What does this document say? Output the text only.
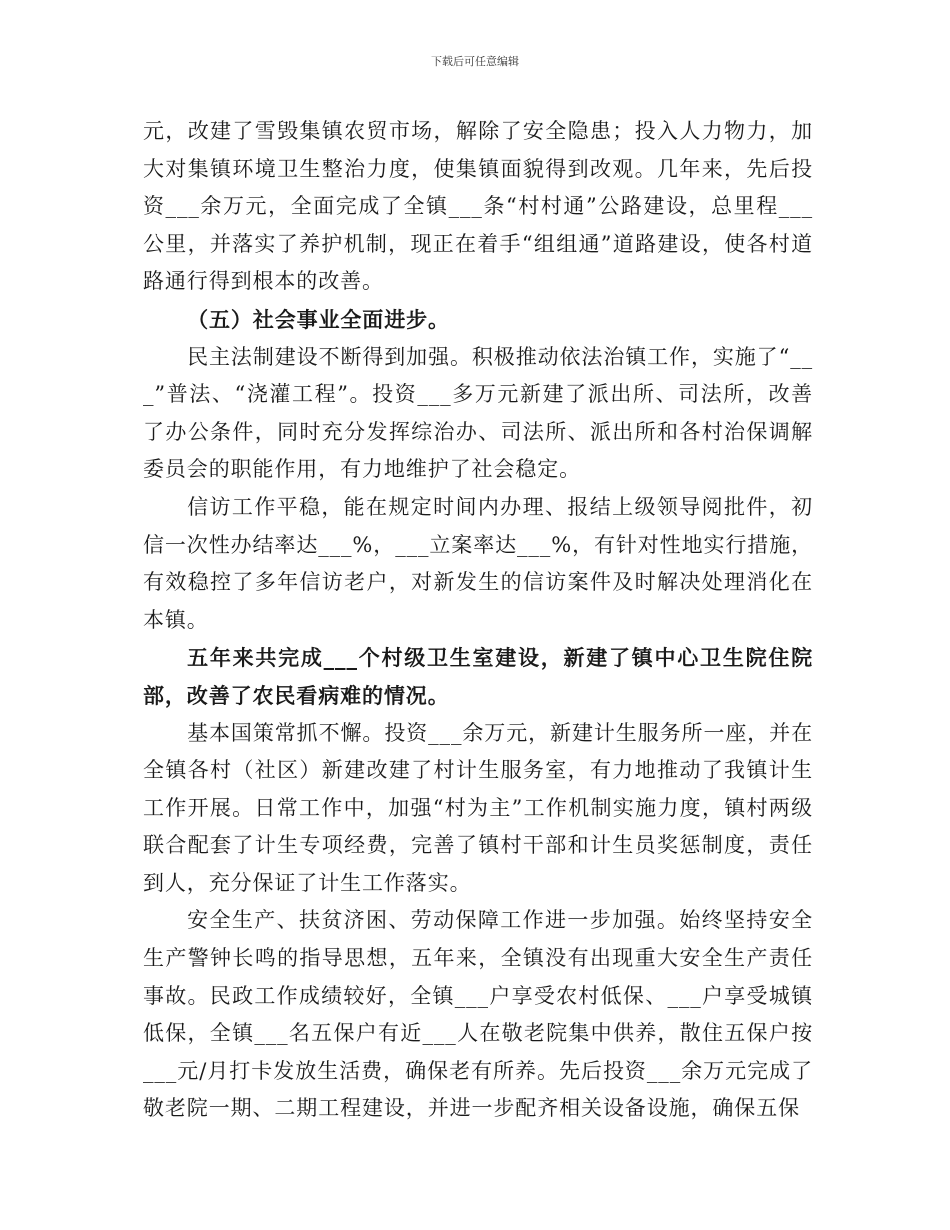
下载后可任意编辑

元，改建了雪毁集镇农贸市场，解除了安全隐患；投入人力物力，加大对集镇环境卫生整治力度，使集镇面貌得到改观。几年来，先后投资___余万元，全面完成了全镇___条“村村通”公路建设，总里程___公里，并落实了养护机制，现正在着手“组组通”道路建设，使各村道路通行得到根本的改善。

（五）社会事业全面进步。

民主法制建设不断得到加强。积极推动依法治镇工作，实施了“___”普法、“浇灌工程”。投资___多万元新建了派出所、司法所，改善了办公条件，同时充分发挥综治办、司法所、派出所和各村治保调解委员会的职能作用，有力地维护了社会稳定。

信访工作平稳，能在规定时间内办理、报结上级领导阅批件，初信一次性办结率达___%，___立案率达___%，有针对性地实行措施，有效稳控了多年信访老户，对新发生的信访案件及时解决处理消化在本镇。

五年来共完成___个村级卫生室建设，新建了镇中心卫生院住院部，改善了农民看病难的情况。

基本国策常抓不懈。投资___余万元，新建计生服务所一座，并在全镇各村（社区）新建改建了村计生服务室，有力地推动了我镇计生工作开展。日常工作中，加强“村为主”工作机制实施力度，镇村两级联合配套了计生专项经费，完善了镇村干部和计生员奖惩制度，责任到人，充分保证了计生工作落实。

安全生产、扶贫济困、劳动保障工作进一步加强。始终坚持安全生产警钟长鸣的指导思想，五年来，全镇没有出现重大安全生产责任事故。民政工作成绩较好，全镇___户享受农村低保、___户享受城镇低保，全镇___名五保户有近___人在敬老院集中供养，散住五保户按___元/月打卡发放生活费，确保老有所养。先后投资___余万元完成了敬老院一期、二期工程建设，并进一步配齐相关设备设施，确保五保
